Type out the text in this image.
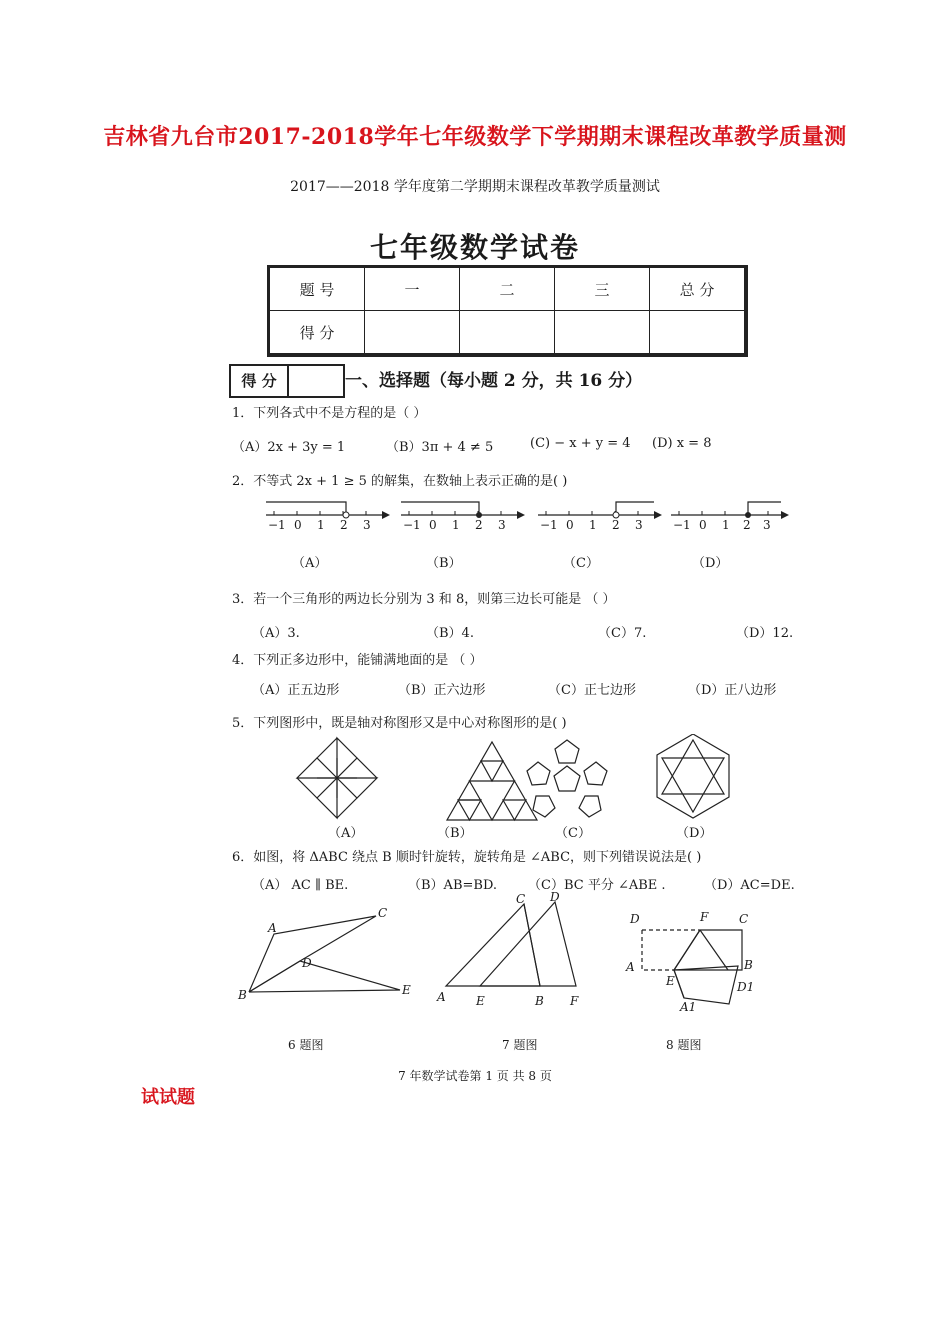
吉林省九台市2017-2018学年七年级数学下学期期末课程改革教学质量测
2017——2018 学年度第二学期期末课程改革教学质量测试
七年级数学试卷
题 号	一	二	三	总 分
得 分				
得 分	一、选择题（每小题 2 分，共 16 分）
1．下列各式中不是方程的是（ ）
（A）2x + 3y = 1	（B）3π + 4 ≠ 5	(C) − x + y = 4 (D) x = 8
2．不等式 2x + 1 ≥ 5 的解集，在数轴上表示正确的是( )
−1 0 1 2 3	−1 0 1 2 3	−1 0 1 2 3	−1 0 1 2 3
（A）	（B）	（C）	（D）
3．若一个三角形的两边长分别为 3 和 8，则第三边长可能是 （ ）
（A）3.	（B）4.	（C）7.	（D）12.
4．下列正多边形中，能铺满地面的是 （ ）
（A）正五边形	（B）正六边形	（C）正七边形	（D）正八边形
5．下列图形中，既是轴对称图形又是中心对称图形的是( )
（A）	（B）	（C）	（D）
6．如图，将 ΔABC 绕点 B 顺时针旋转，旋转角是 ∠ABC，则下列错误说法是( )
（A） AC ∥ BE.	（B）AB=BD. （C）BC 平分 ∠ABE .	（D）AC=DE.
A
B
C
D
E
6 题图
A	E	B F
C D
7 题图
D	F	C
A	B
E	D1
A1
8 题图
7 年数学试卷第 1 页 共 8 页
试试题
